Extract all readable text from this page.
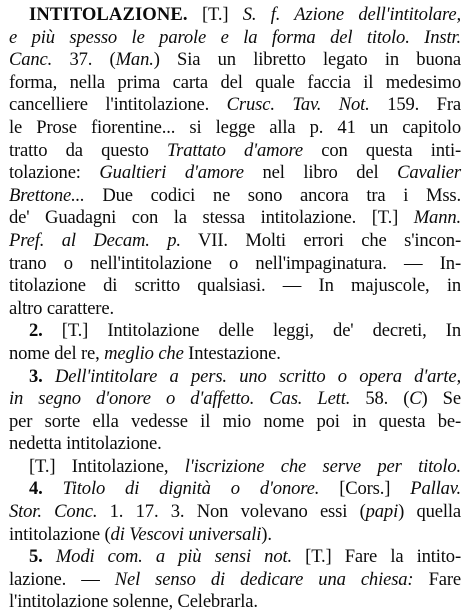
INTITOLAZIONE. [T.] S. f. Azione dell'intitolare,
e più spesso le parole e la forma del titolo. Instr.
Canc. 37. (Man.) Sia un libretto legato in buona
forma, nella prima carta del quale faccia il medesimo
cancelliere l'intitolazione. Crusc. Tav. Not. 159. Fra
le Prose fiorentine... si legge alla p. 41 un capitolo
tratto da questo Trattato d'amore con questa inti-
tolazione: Gualtieri d'amore nel libro del Cavalier
Brettone... Due codici ne sono ancora tra i Mss.
de' Guadagni con la stessa intitolazione. [T.] Mann.
Pref. al Decam. p. VII. Molti errori che s'incon-
trano o nell'intitolazione o nell'impaginatura. — In-
titolazione di scritto qualsiasi. — In majuscole, in
altro carattere.
2. [T.] Intitolazione delle leggi, de' decreti, In
nome del re, meglio che Intestazione.
3. Dell'intitolare a pers. uno scritto o opera d'arte,
in segno d'onore o d'affetto. Cas. Lett. 58. (C) Se
per sorte ella vedesse il mio nome poi in questa be-
nedetta intitolazione.
[T.] Intitolazione, l'iscrizione che serve per titolo.
4. Titolo di dignità o d'onore. [Cors.] Pallav.
Stor. Conc. 1. 17. 3. Non volevano essi (papi) quella
intitolazione (di Vescovi universali).
5. Modi com. a più sensi not. [T.] Fare la intito-
lazione. — Nel senso di dedicare una chiesa: Fare
l'intitolazione solenne, Celebrarla.
